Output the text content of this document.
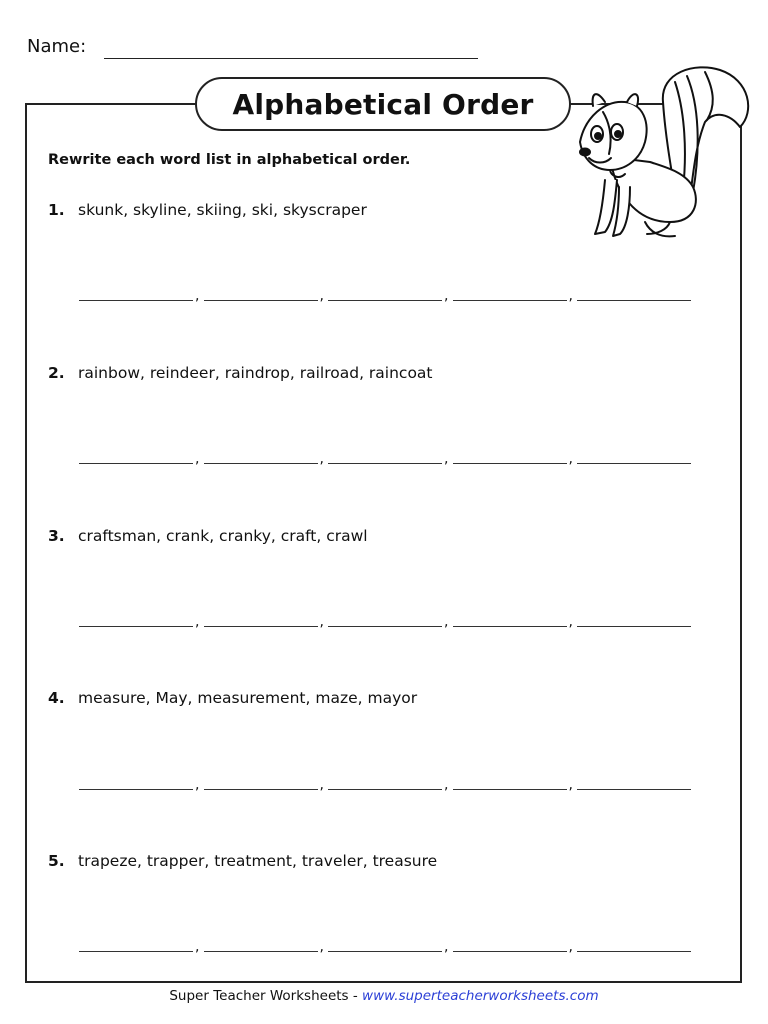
Name:
Alphabetical Order
Rewrite each word list in alphabetical order.
1. skunk, skyline, skiing, ski, skyscraper
,	,	,	,
2. rainbow, reindeer, raindrop, railroad, raincoat
,	,	,	,
3. craftsman, crank, cranky, craft, crawl
,	,	,	,
4. measure, May, measurement, maze, mayor
,	,	,	,
5. trapeze, trapper, treatment, traveler, treasure
,	,	,	,
Super Teacher Worksheets - www.superteacherworksheets.com
